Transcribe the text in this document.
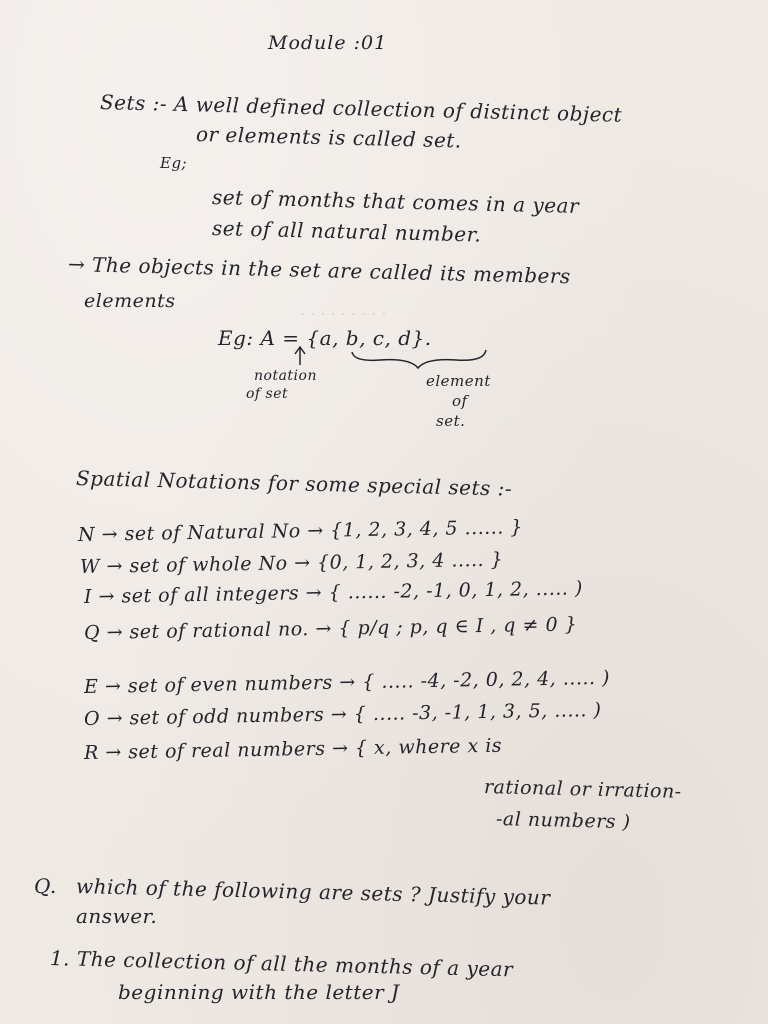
. . . . . . . . .
Module :01
Sets :- A well defined collection of distinct object
or elements is called set.
Eg;
set of months that comes in a year
set of all natural number.
→ The objects in the set are called its members
elements
Eg: A = {a, b, c, d}.
notation
of set
element
of
set.
Spatial Notations for some special sets :-
N → set of Natural No → {1, 2, 3, 4, 5 ...... }
W → set of whole No → {0, 1, 2, 3, 4 ..... }
I → set of all integers → { ...... -2, -1, 0, 1, 2, ..... )
Q → set of rational no. → { p/q ; p, q ∈ I , q ≠ 0 }
E → set of even numbers → { ..... -4, -2, 0, 2, 4, ..... )
O → set of odd numbers → { ..... -3, -1, 1, 3, 5, ..... )
R → set of real numbers → { x, where x is
rational or irration-
-al numbers )
Q. which of the following are sets ? Justify your
answer.
1. The collection of all the months of a year
beginning with the letter J
